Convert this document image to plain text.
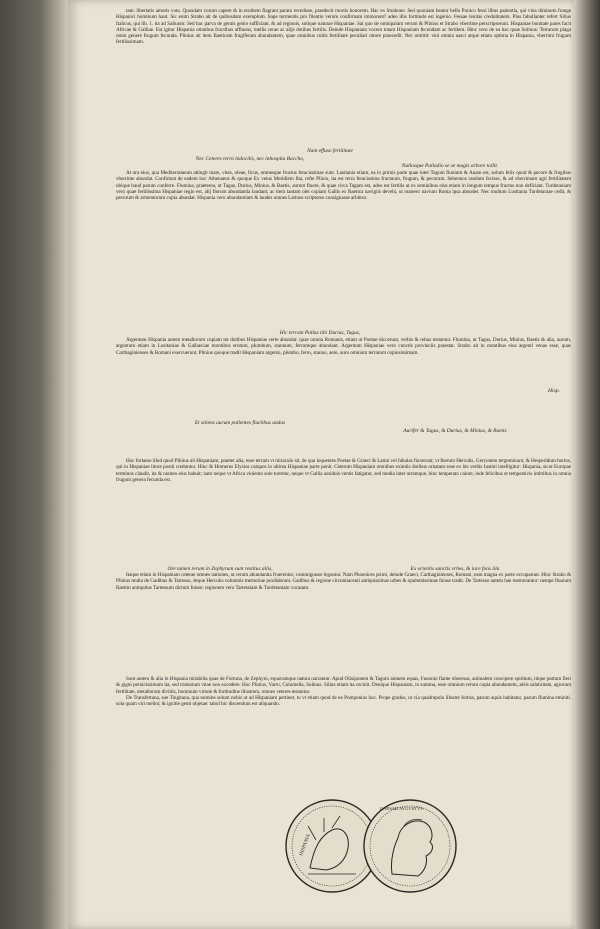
tam. libertatis amoris vota. Quosdam vorum capere & in eruthem flagrant parato recedisse, praedecit mortis honorem. Hac ex Strabone. Sed quoniam beatur bello Punico fessi illius patientia, qui vina diminuto frange Hispanici hominum haut. Sic enim Strabo ait de quibusdam exemplum. Sape tormentis pro filentio verum confirmam immorent? adeo illis fortitudo est ingenio. Fessae lenitas credulitatem. Plus fabullanter refert Silius Italicus, qui lib. 1. ita ad Saliuum: Sed hac parva de gentis genio sufficiant. & ad regionis, solique naturae Hispaniae. Sal quo de omnipalam verum & Plinius et Strabo vberrime perscripserunt. Hispaniae bonitate pares facit Africae & Galliae. Est igitur Hispania omnibus fructibus affluens, mellis cerae ac alijs dotibus fertilis. Deinde Hispaniam vocem totam Hispaniam fecundam ac fertilem. Hinc vero de ea hac quae Solinus: Terrarum plaga omni genere frugum fecunda. Plinius ait item Baeticam frugiferam abundantem, quae omnibus cultis fertilitate peculiari nitore praecedit. Nec omittit: vini omnia nasci atque etiam optima in Hispania, vberrimi frugum fertilissimam.

Nam effuso fertilitate
Nec Ceteres terra indocilis, nec inhospita Baccho,
Nullosque Palladio se se magis arbore tollit.

At ora eius, qua Mediterraneum attingit mare, vites, oleae, ficus, omnesque fructus feracissimae sunt. Lusitania etiam, ea in primis parte quae inter Tagum fluuium & Anam est, solum felix quod & pecore & frugibus vberrime abundat. Confirmat de eadem hoc Athenaeus & quoque Ex vetus Meridiem fita, refte Plinio, ita est terra feracissima fructuum, frugum, & pecorum. Sebennos randum fecisse, & ad vberrimam agri fertilitatem ubique haud parum conferre. Flumina, praeterea, ut Tagus, Durius, Minius, & Baetis, aurum fluere, & quae circa Tagum est, adeo est fertilis ut ex seminibus eius etiam in longum tempus fructus non deficiant. Turdetaniam vero quae fertilissima Hispaniae regio est, alij florum abundantia laudant; ac item tantam olei copiam Gallis ex Baetica navigiis devehi, ut numero navium Roma ipsa abundet. Nec multum Lusitania Turdetaniae cedit, & pecorum & armentorum copia abundat. Hispania vero abundantiam & laudes omnes Latinos scriptores consignasse arbitror.

Hic terram Pallas tibi Durias, Tagus,

Argentum Hispania autem metallorum copiam tot dotibus Hispaniae certe abundat: quae omnia Romanis, etiam ut Poetae diccerunt, verbis & rebus testantur. Flumina, ut Tagus, Durius, Minius, Baetis & alia, aurum, argentum etiam in Lusitaniae & Gallaeciae montibus erutum, plumbum, stannum, ferrumque abundant. Argentum Hispaniae vero cunctis provinciis praestat. Strabo ait in montibus eius argenti venas esse, quas Carthaginienses & Romani exercuerunt. Plinius quoque tradit Hispaniam argento, plumbo, ferro, stanno, aere, auro omnium terrarum copiosissimam.

Et sitiens aurum pallentes fluctibus undas
Aurifer & Tagus, & Durius, & Minius, & Baetis

Hoc fortasse illud quod Plinius ait Hispaniam, praeter alia, esse terram vt miraculo sit, de qua loquentes Poetae & Graeci & Latini vel fabulas finxerunt; vt Iberum Herculis, Geryonem tergeminum; & Hesperidum hortos, qui in Hispaniae litore positi creduntur. Hinc & Homerus Elysios campos in ultima Hispaniae parte ponit. Ceterum Hispaniam omnibus eximiis dotibus ornatam esse ex his verbis Iustini intelligitur: Hispania, sicut Europae terminos claudit, ita & nomen eius habuit; nam neque vt Africa violento sole torretur, neque vt Gallia assiduis ventis fatigatur, sed media inter utramque, hinc temperato calore, inde felicibus et tempestivis imbribus in omnia frugum genera fecunda est.

Ore tamen rerum in Zephyrum sunt restitus aliis,	Ex orientis sanctis vrbes, & iace fons illa

Itaque etiam in Hispaniam ceterae omnes nationes, ut rerum abundantia fruerentur, commigrasse leguntur. Nam Phoenices primi, deinde Graeci, Carthaginienses, Romani, eam magna ex parte occuparunt. Hinc Strabo & Plinius multa de Gadibus & Tartesso, deque Herculis columnis memoriae prodiderunt. Gadibus & regione circumiacenti antiquissimas urbes & opulentissimas fuisse tradit. De Tartesso autem hae memorantur: nempe fluuium Baetim antiquitus Tartessum dictum fuisse; regionem vero Tartessiam & Turdetaniam vocatam.

Sunt autem & alia in Hispania mirabilia quae de Fortuna, de Zephyro, equorumque natura narrantur. Apud Olisiponem & Tagum amnem equas, Fauonio flante obuersas, animalem concipere spiritum, idque partum fieri & gigni pernicissimum ita, sed triennium vitae non excedere. Hoc Plinius, Varro, Columella, Solinus. Silius etiam ita cecinit. Denique Hispaniam, in summa, esse omnium rerum copia abundantem, aëris salubritate, agrorum fertilitate, metallorum divitiis, hominum virtute & fortitudine illustrem, omnes veteres testantur.

De Transfertana, sue Tingitana, qua nomine solum nobis ut ad Hispaniam pertinet, tu vt etiam quod de ea Pomponius hoc. Prope gradus, ut via quadrupulo illustre fortiss, parum aquis habitatur, parum flumina eminiti. sola quam viri melior, & ignitie genti objetae: tabul hic discendum est aliquando.

Hisp.
HISPANIA
CAESAR AVGVSTVS
